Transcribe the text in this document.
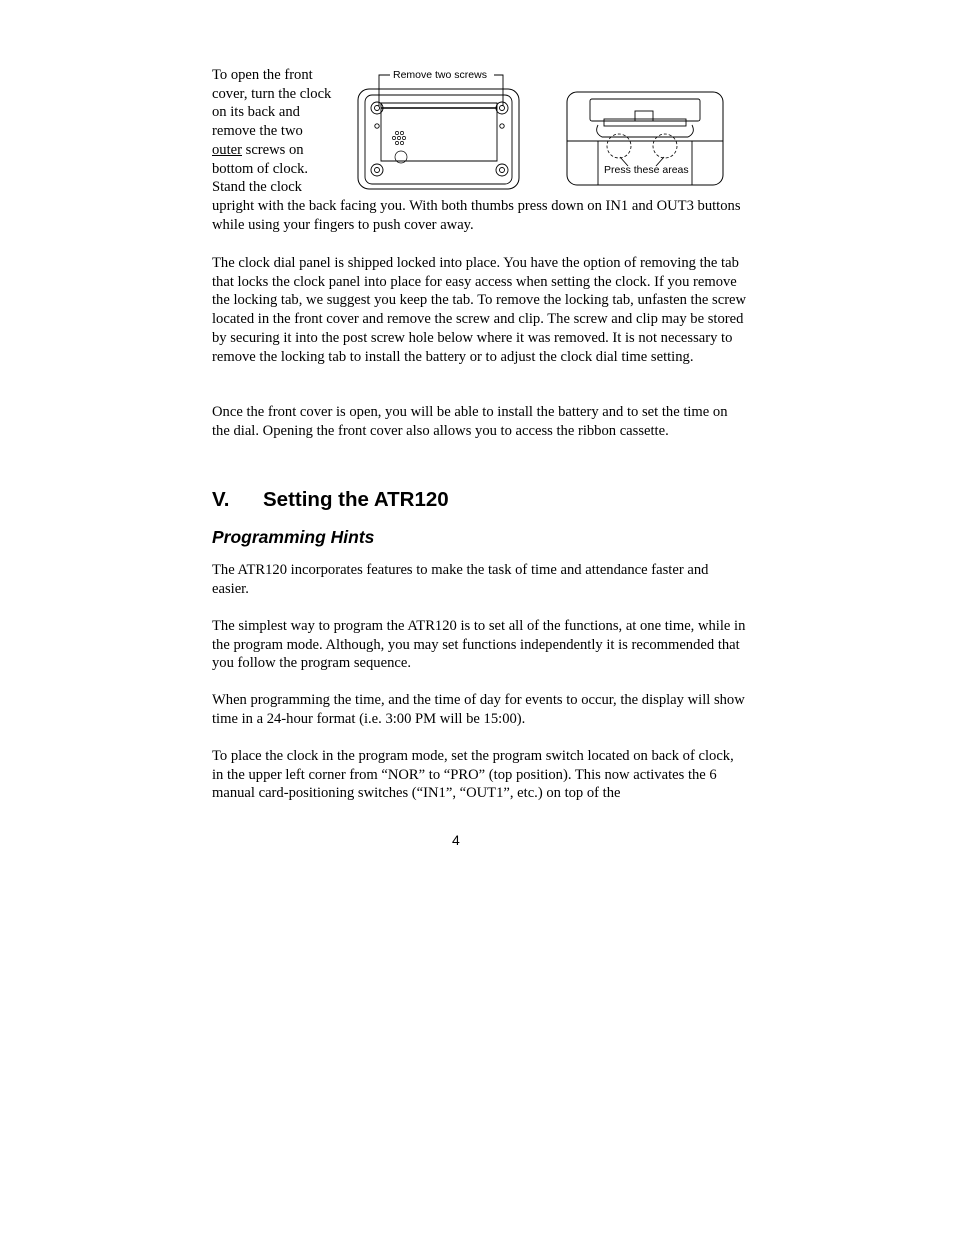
To open the front
cover, turn the clock
on its back and
remove the two
outer screws on
bottom of clock.
Stand the clock
upright with the back facing you. With both thumbs press down on IN1 and OUT3 buttons while using your fingers to push cover away.
Remove two screws
Press these areas

The clock dial panel is shipped locked into place. You have the option of removing the tab that locks the clock panel into place for easy access when setting the clock. If you remove the locking tab, we suggest you keep the tab. To remove the locking tab, unfasten the screw located in the front cover and remove the screw and clip. The screw and clip may be stored by securing it into the post screw hole below where it was removed. It is not necessary to remove the locking tab to install the battery or to adjust the clock dial time setting.

Once the front cover is open, you will be able to install the battery and to set the time on the dial. Opening the front cover also allows you to access the ribbon cassette.

V. Setting the ATR120
Programming Hints

The ATR120 incorporates features to make the task of time and attendance faster and easier.

The simplest way to program the ATR120 is to set all of the functions, at one time, while in the program mode. Although, you may set functions independently it is recommended that you follow the program sequence.

When programming the time, and the time of day for events to occur, the display will show time in a 24-hour format (i.e. 3:00 PM will be 15:00).

To place the clock in the program mode, set the program switch located on back of clock, in the upper left corner from “NOR” to “PRO” (top position). This now activates the 6 manual card-positioning switches (“IN1”, “OUT1”, etc.) on top of the

4
